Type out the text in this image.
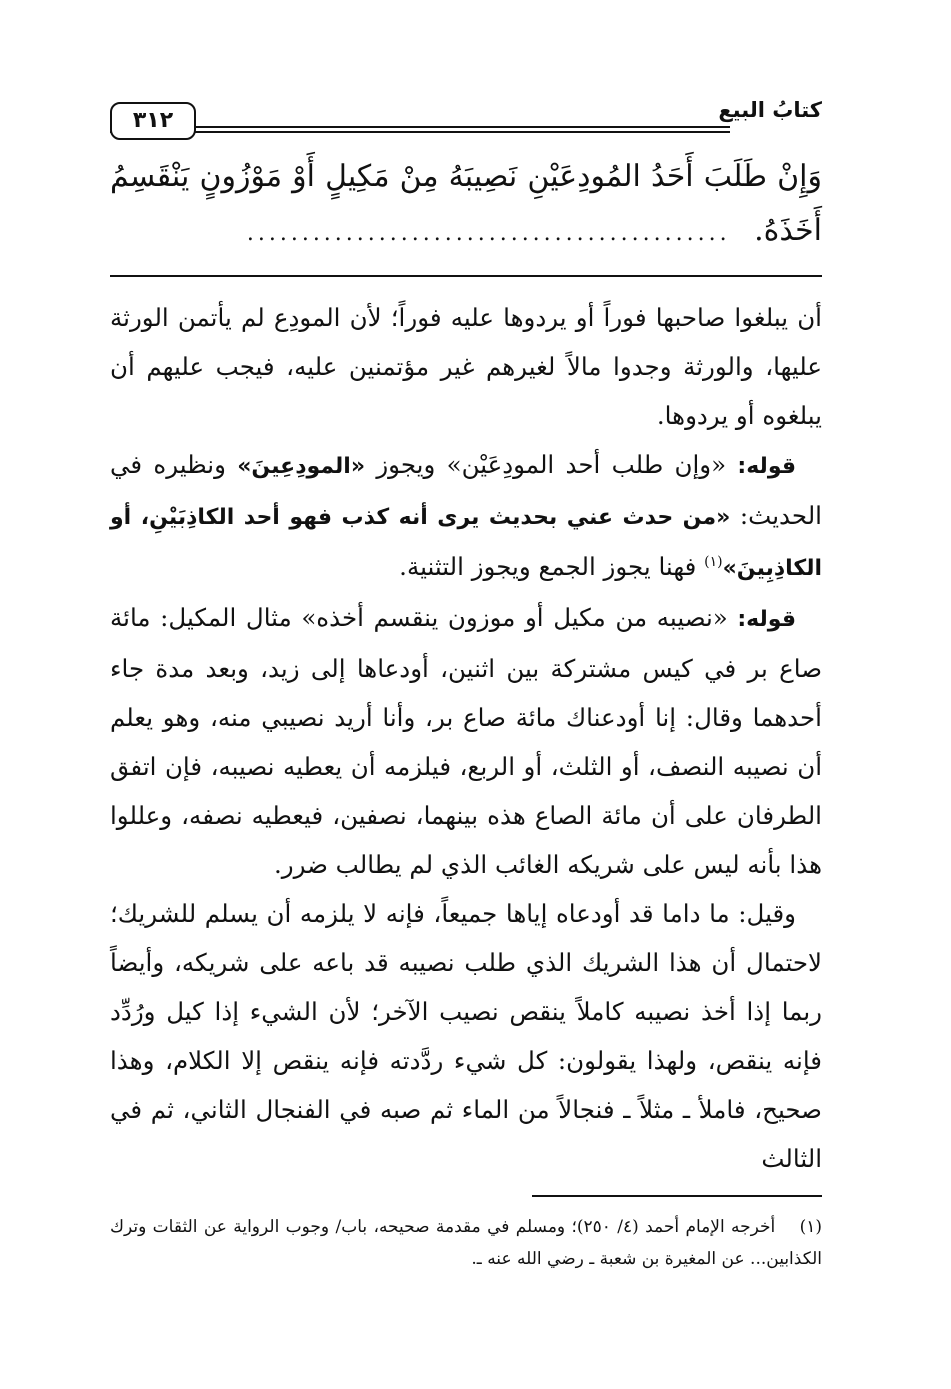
كتابُ البيع
٣١٢
وَإِنْ طَلَبَ أَحَدُ المُودِعَيْنِ نَصِيبَهُ مِنْ مَكِيلٍ أَوْ مَوْزُونٍ يَنْقَسِمُ أَخَذَهُ. ............................................

أن يبلغوا صاحبها فوراً أو يردوها عليه فوراً؛ لأن المودِع لم يأتمن الورثة عليها، والورثة وجدوا مالاً لغيرهم غير مؤتمنين عليه، فيجب عليهم أن يبلغوه أو يردوها.

قوله: «وإن طلب أحد المودِعَيْن» ويجوز «المودِعِينَ» ونظيره في الحديث: «من حدث عني بحديث يرى أنه كذب فهو أحد الكاذِبَيْنِ، أو الكاذِبِينَ»$^{(١)}$ فهنا يجوز الجمع ويجوز التثنية.

قوله: «نصيبه من مكيل أو موزون ينقسم أخذه» مثال المكيل: مائة صاع بر في كيس مشتركة بين اثنين، أودعاها إلى زيد، وبعد مدة جاء أحدهما وقال: إنا أودعناك مائة صاع بر، وأنا أريد نصيبي منه، وهو يعلم أن نصيبه النصف، أو الثلث، أو الربع، فيلزمه أن يعطيه نصيبه، فإن اتفق الطرفان على أن مائة الصاع هذه بينهما، نصفين، فيعطيه نصفه، وعللوا هذا بأنه ليس على شريكه الغائب الذي لم يطالب ضرر.

وقيل: ما داما قد أودعاه إياها جميعاً، فإنه لا يلزمه أن يسلم للشريك؛ لاحتمال أن هذا الشريك الذي طلب نصيبه قد باعه على شريكه، وأيضاً ربما إذا أخذ نصيبه كاملاً ينقص نصيب الآخر؛ لأن الشيء إذا كيل ورُدِّد فإنه ينقص، ولهذا يقولون: كل شيء ردَّدته فإنه ينقص إلا الكلام، وهذا صحيح، فاملأ ـ مثلاً ـ فنجالاً من الماء ثم صبه في الفنجال الثاني، ثم في الثالث

(١) أخرجه الإمام أحمد (٤/ ٢٥٠)؛ ومسلم في مقدمة صحيحه، باب/ وجوب الرواية عن الثقات وترك الكذابين... عن المغيرة بن شعبة ـ رضي الله عنه ـ.
